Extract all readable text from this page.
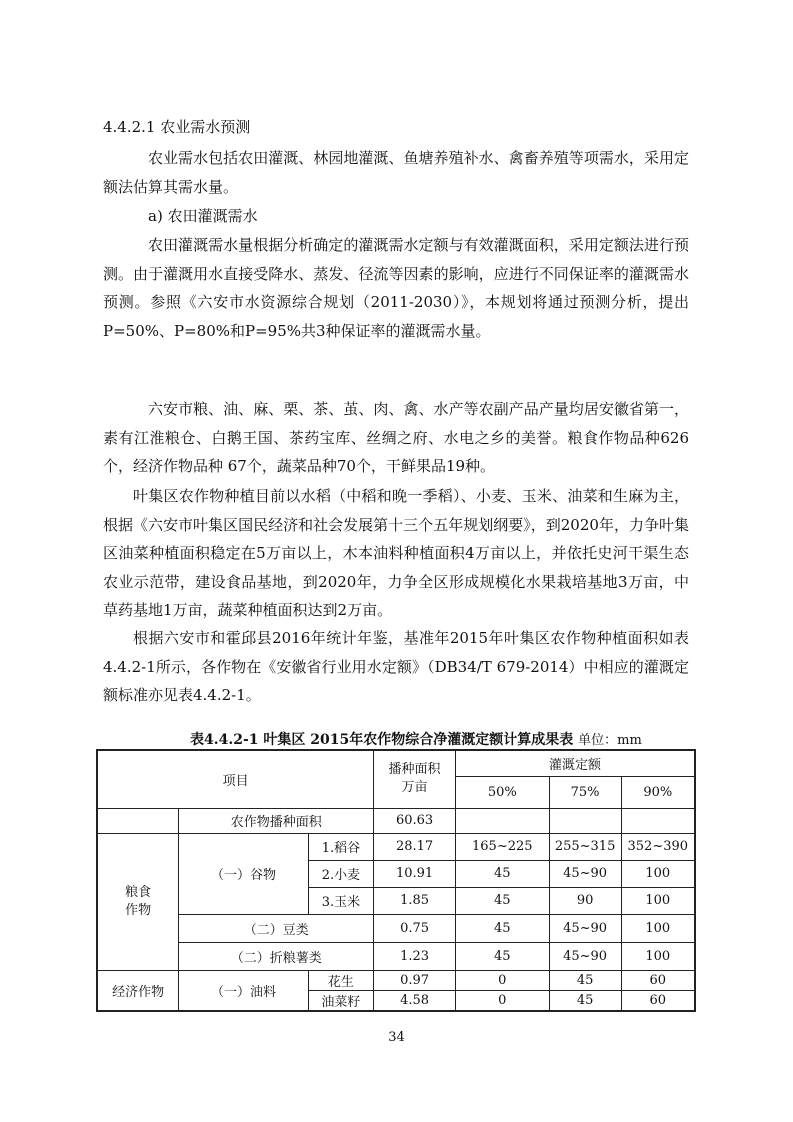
4.4.2.1 农业需水预测
农业需水包括农田灌溉、林园地灌溉、鱼塘养殖补水、禽畜养殖等项需水，采用定额法估算其需水量。
a) 农田灌溉需水
农田灌溉需水量根据分析确定的灌溉需水定额与有效灌溉面积，采用定额法进行预测。由于灌溉用水直接受降水、蒸发、径流等因素的影响，应进行不同保证率的灌溉需水预测。参照《六安市水资源综合规划（2011-2030）》，本规划将通过预测分析，提出P=50%、P=80%和P=95%共3种保证率的灌溉需水量。
六安市粮、油、麻、栗、茶、茧、肉、禽、水产等农副产品产量均居安徽省第一，素有江淮粮仓、白鹅王国、茶药宝库、丝绸之府、水电之乡的美誉。粮食作物品种626个，经济作物品种 67个，蔬菜品种70个，干鲜果品19种。
叶集区农作物种植目前以水稻（中稻和晚一季稻）、小麦、玉米、油菜和生麻为主，根据《六安市叶集区国民经济和社会发展第十三个五年规划纲要》，到2020年，力争叶集区油菜种植面积稳定在5万亩以上，木本油料种植面积4万亩以上，并依托史河干渠生态农业示范带，建设食品基地，到2020年，力争全区形成规模化水果栽培基地3万亩，中草药基地1万亩，蔬菜种植面积达到2万亩。
根据六安市和霍邱县2016年统计年鉴，基准年2015年叶集区农作物种植面积如表 4.4.2-1所示，各作物在《安徽省行业用水定额》（DB34/T 679-2014）中相应的灌溉定额标准亦见表4.4.2-1。
表4.4.2-1 叶集区 2015年农作物综合净灌溉定额计算成果表 单位：mm
项目			播种面积万亩	灌溉定额		
				50%	75%	90%
	农作物播种面积		60.63			
粮食作物	（一）谷物	1.稻谷	28.17	165~225	255~315	352~390
		2.小麦	10.91	45	45~90	100
		3.玉米	1.85	45	90	100
	（二）豆类		0.75	45	45~90	100
	（二）折粮薯类		1.23	45	45~90	100
经济作物	（一）油料	花生	0.97	0	45	60
		油菜籽	4.58	0	45	60
34
